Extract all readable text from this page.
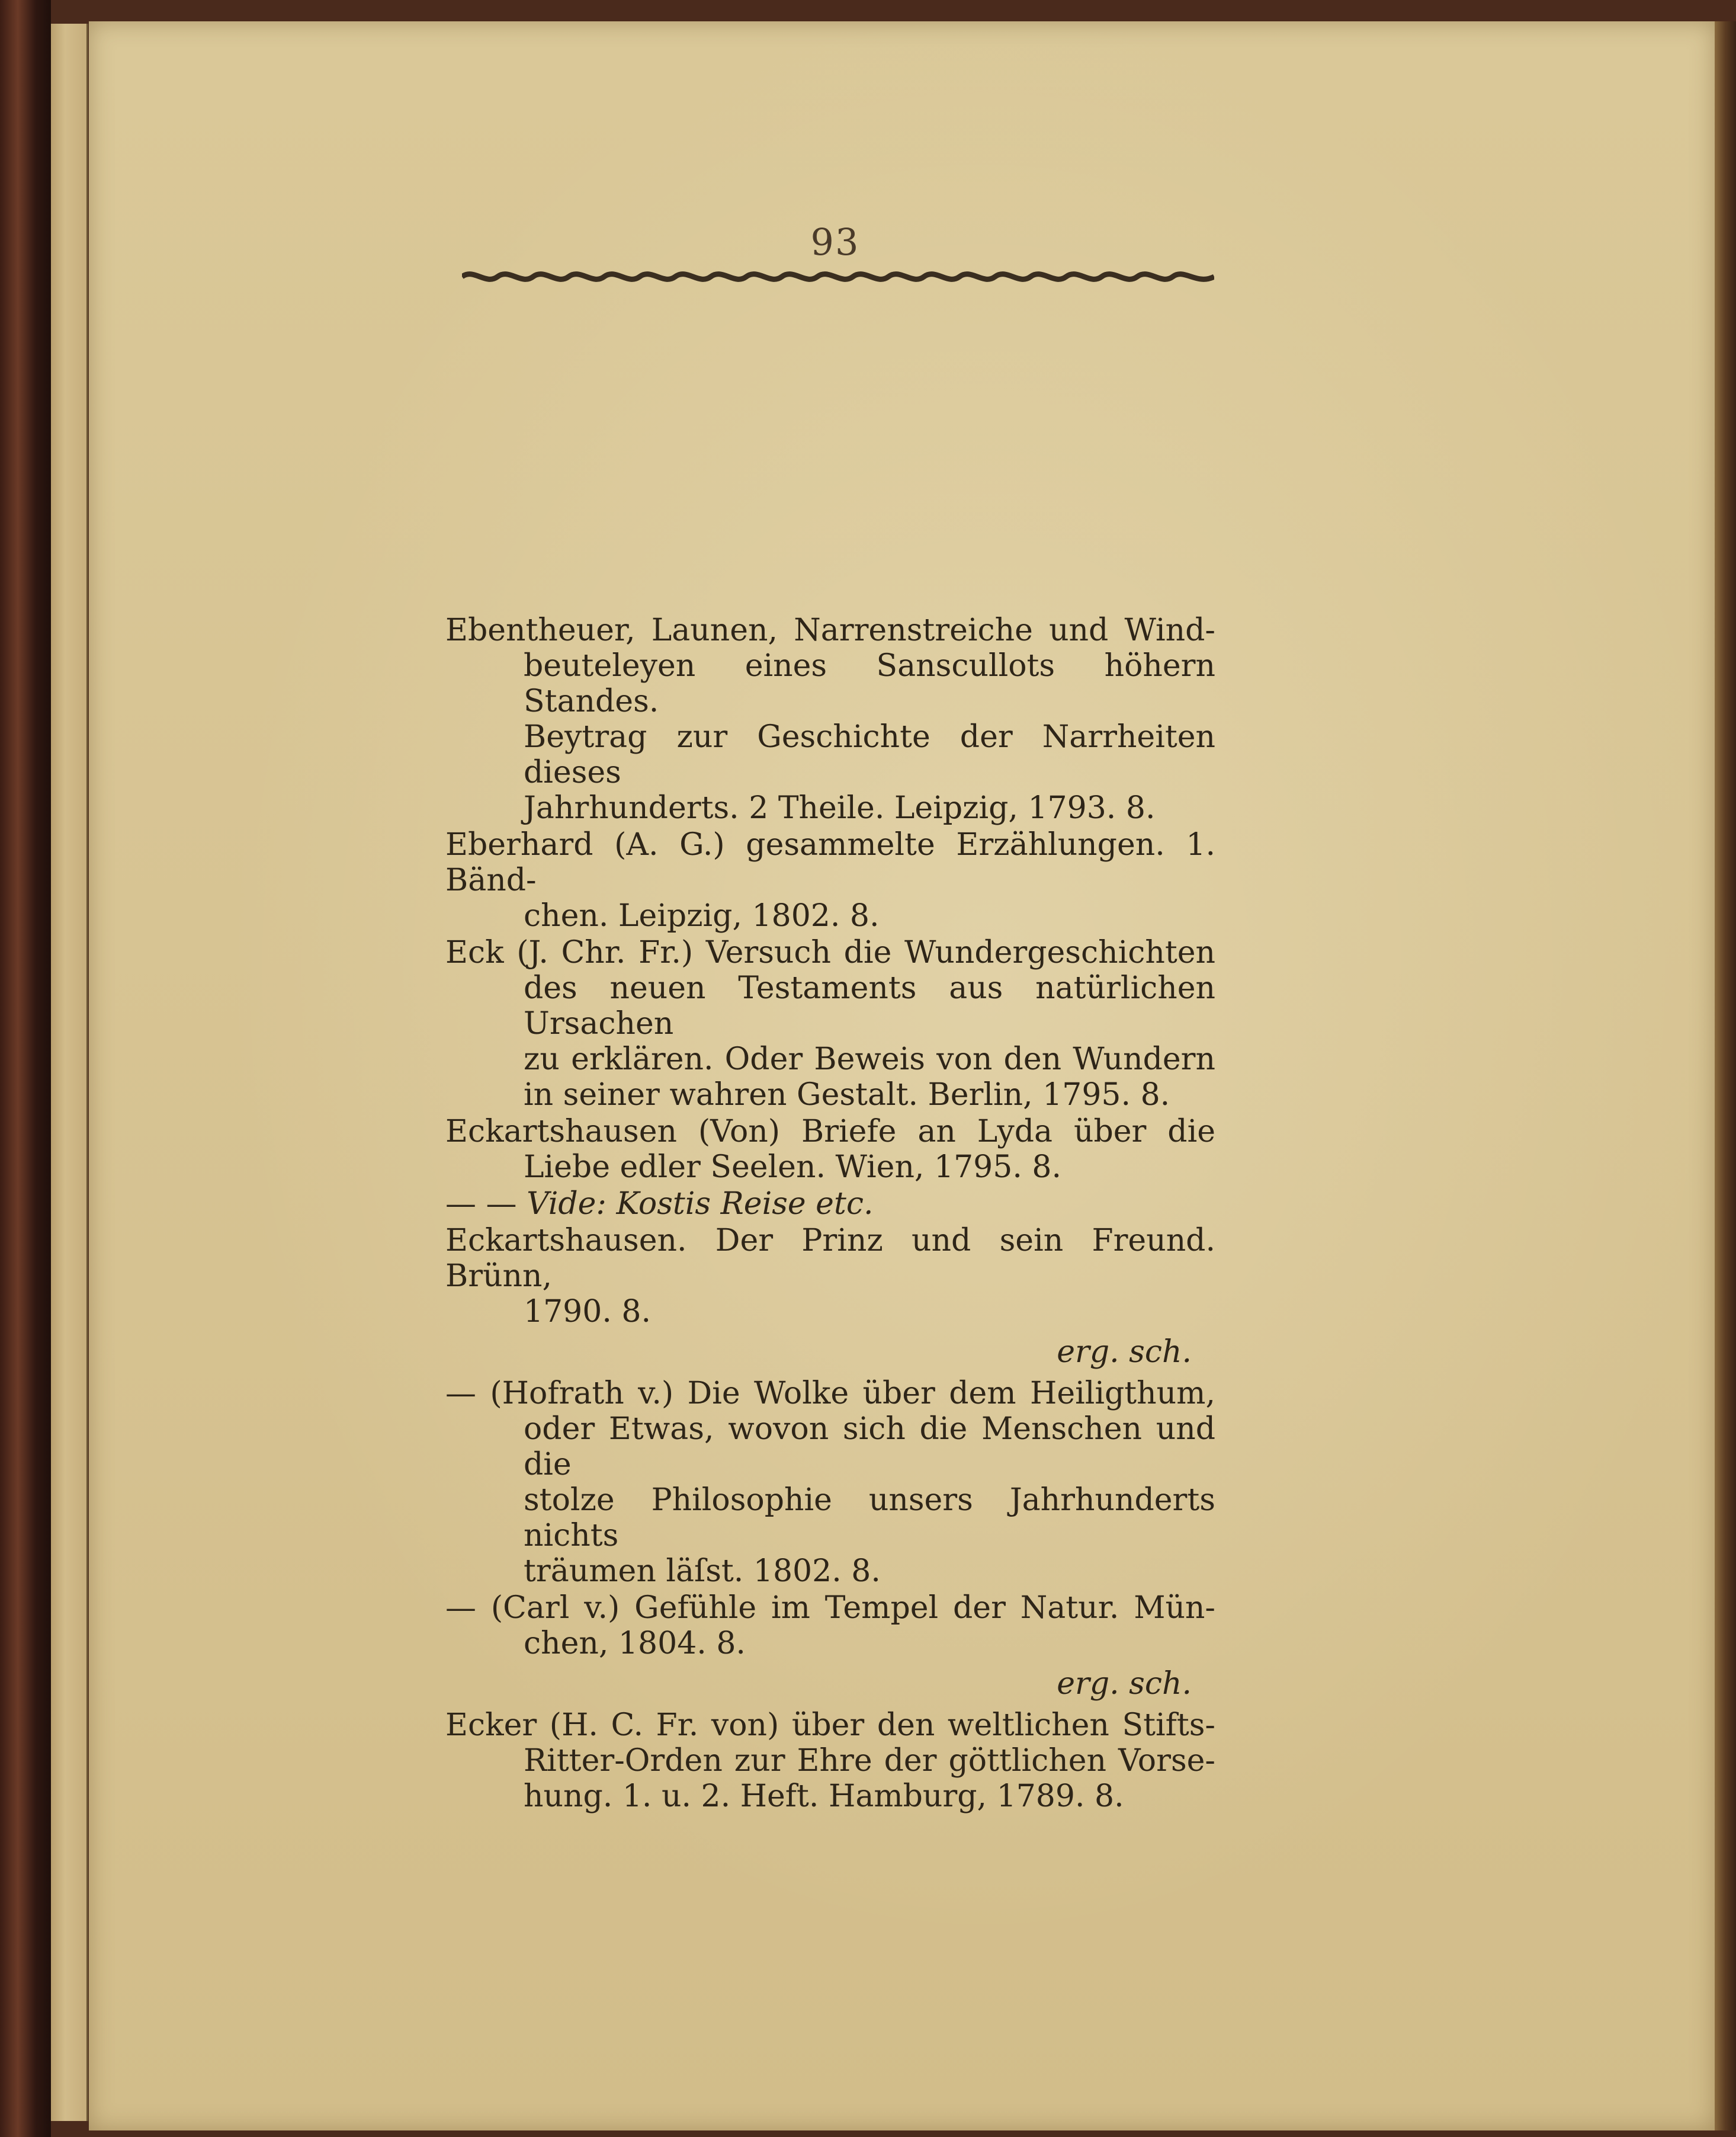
93
Ebentheuer, Launen, Narrenstreiche und Wind-
beuteleyen eines Sanscullots höhern Standes.
Beytrag zur Geschichte der Narrheiten dieses
Jahrhunderts. 2 Theile. Leipzig, 1793. 8.
Eberhard (A. G.) gesammelte Erzählungen. 1. Bänd-
chen. Leipzig, 1802. 8.
Eck (J. Chr. Fr.) Versuch die Wundergeschichten
des neuen Testaments aus natürlichen Ursachen
zu erklären. Oder Beweis von den Wundern
in seiner wahren Gestalt. Berlin, 1795. 8.
Eckartshausen (Von) Briefe an Lyda über die
Liebe edler Seelen. Wien, 1795. 8.
— — Vide: Kostis Reise etc.
Eckartshausen. Der Prinz und sein Freund. Brünn,
1790. 8.
erg. sch.
— (Hofrath v.) Die Wolke über dem Heiligthum,
oder Etwas, wovon sich die Menschen und die
stolze Philosophie unsers Jahrhunderts nichts
träumen läſst. 1802. 8.
— (Carl v.) Gefühle im Tempel der Natur. Mün-
chen, 1804. 8.
erg. sch.
Ecker (H. C. Fr. von) über den weltlichen Stifts-
Ritter-Orden zur Ehre der göttlichen Vorse-
hung. 1. u. 2. Heft. Hamburg, 1789. 8.
